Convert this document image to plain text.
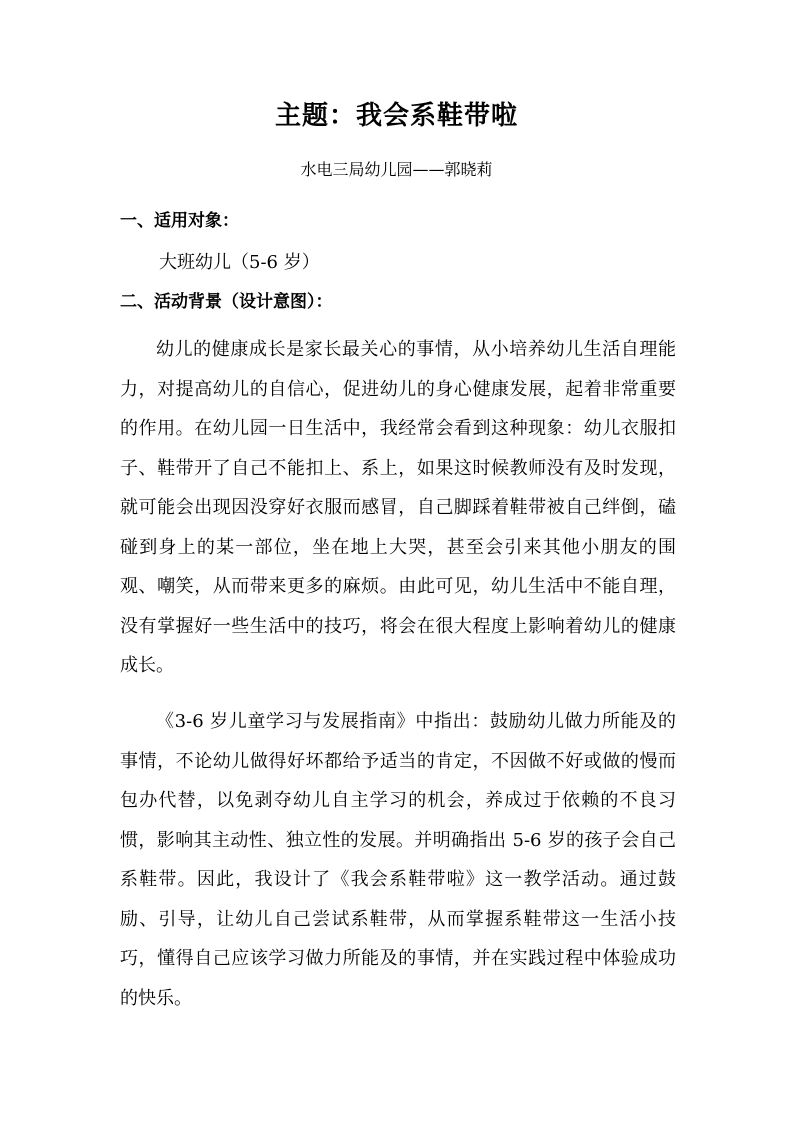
主题：我会系鞋带啦
水电三局幼儿园——郭晓莉
一、适用对象：
大班幼儿（5-6 岁）
二、活动背景（设计意图）：
幼儿的健康成长是家长最关心的事情，从小培养幼儿生活自理能力，对提高幼儿的自信心，促进幼儿的身心健康发展，起着非常重要的作用。在幼儿园一日生活中，我经常会看到这种现象：幼儿衣服扣子、鞋带开了自己不能扣上、系上，如果这时候教师没有及时发现，就可能会出现因没穿好衣服而感冒，自己脚踩着鞋带被自己绊倒，磕碰到身上的某一部位，坐在地上大哭，甚至会引来其他小朋友的围观、嘲笑，从而带来更多的麻烦。由此可见，幼儿生活中不能自理，没有掌握好一些生活中的技巧，将会在很大程度上影响着幼儿的健康成长。
《3-6 岁儿童学习与发展指南》中指出：鼓励幼儿做力所能及的事情，不论幼儿做得好坏都给予适当的肯定，不因做不好或做的慢而包办代替，以免剥夺幼儿自主学习的机会，养成过于依赖的不良习惯，影响其主动性、独立性的发展。并明确指出 5-6 岁的孩子会自己系鞋带。因此，我设计了《我会系鞋带啦》这一教学活动。通过鼓励、引导，让幼儿自己尝试系鞋带，从而掌握系鞋带这一生活小技巧，懂得自己应该学习做力所能及的事情，并在实践过程中体验成功的快乐。
